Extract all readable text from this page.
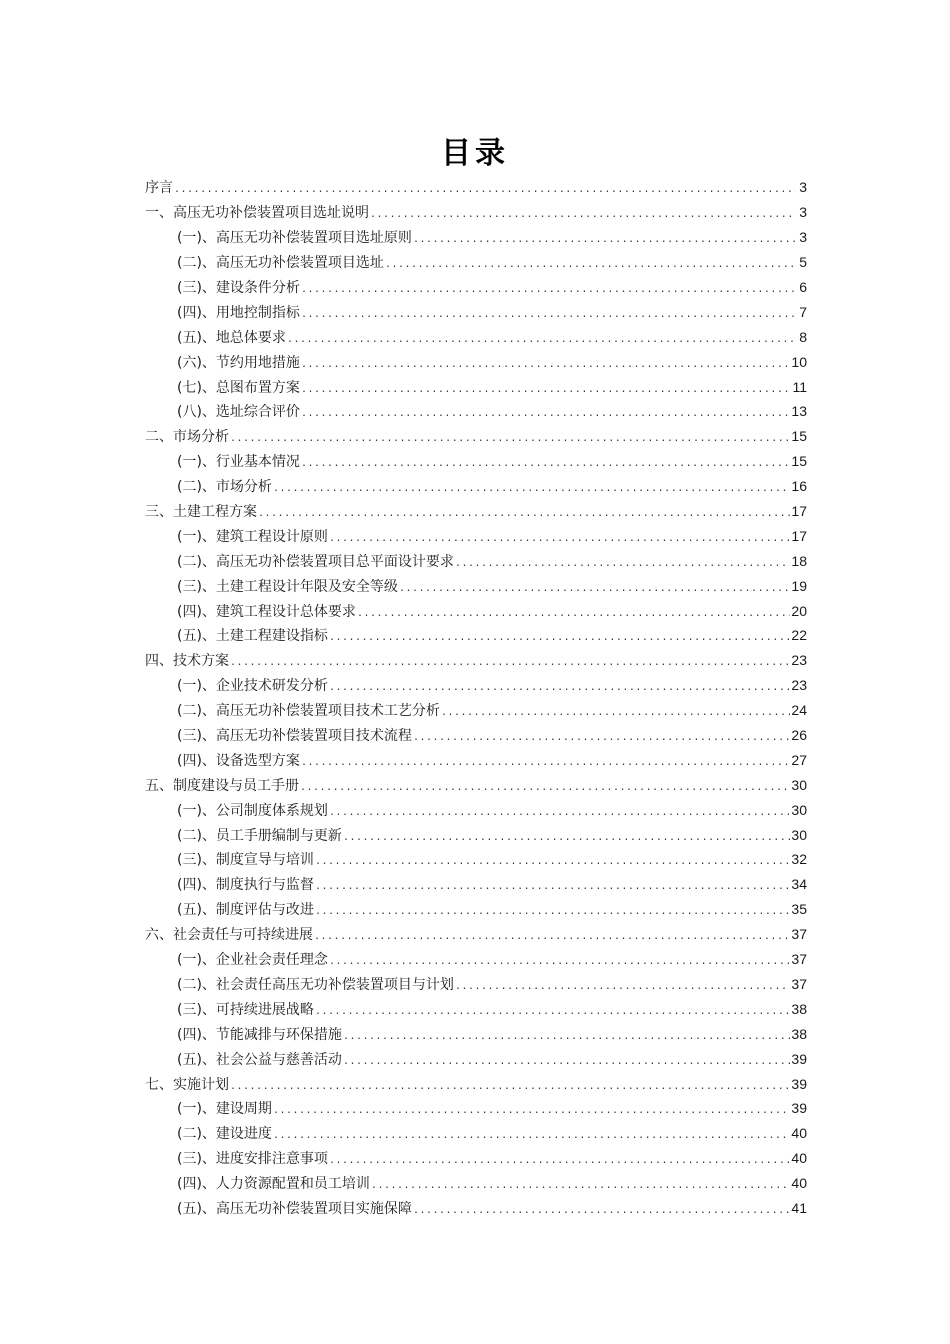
目录
序言 .....	3
一、高压无功补偿装置项目选址说明 .....	3
(一)、高压无功补偿装置项目选址原则 .....	3
(二)、高压无功补偿装置项目选址 .....	5
(三)、建设条件分析 .....	6
(四)、用地控制指标 .....	7
(五)、地总体要求 .....	8
(六)、节约用地措施 .....	10
(七)、总图布置方案 .....	11
(八)、选址综合评价 .....	13
二、市场分析 .....	15
(一)、行业基本情况 .....	15
(二)、市场分析 .....	16
三、土建工程方案 .....	17
(一)、建筑工程设计原则 .....	17
(二)、高压无功补偿装置项目总平面设计要求 .....	18
(三)、土建工程设计年限及安全等级 .....	19
(四)、建筑工程设计总体要求 .....	20
(五)、土建工程建设指标 .....	22
四、技术方案 .....	23
(一)、企业技术研发分析 .....	23
(二)、高压无功补偿装置项目技术工艺分析 .....	24
(三)、高压无功补偿装置项目技术流程 .....	26
(四)、设备选型方案 .....	27
五、制度建设与员工手册 .....	30
(一)、公司制度体系规划 .....	30
(二)、员工手册编制与更新 .....	30
(三)、制度宣导与培训 .....	32
(四)、制度执行与监督 .....	34
(五)、制度评估与改进 .....	35
六、社会责任与可持续进展 .....	37
(一)、企业社会责任理念 .....	37
(二)、社会责任高压无功补偿装置项目与计划 .....	37
(三)、可持续进展战略 .....	38
(四)、节能减排与环保措施 .....	38
(五)、社会公益与慈善活动 .....	39
七、实施计划 .....	39
(一)、建设周期 .....	39
(二)、建设进度 .....	40
(三)、进度安排注意事项 .....	40
(四)、人力资源配置和员工培训 .....	40
(五)、高压无功补偿装置项目实施保障 .....	41
